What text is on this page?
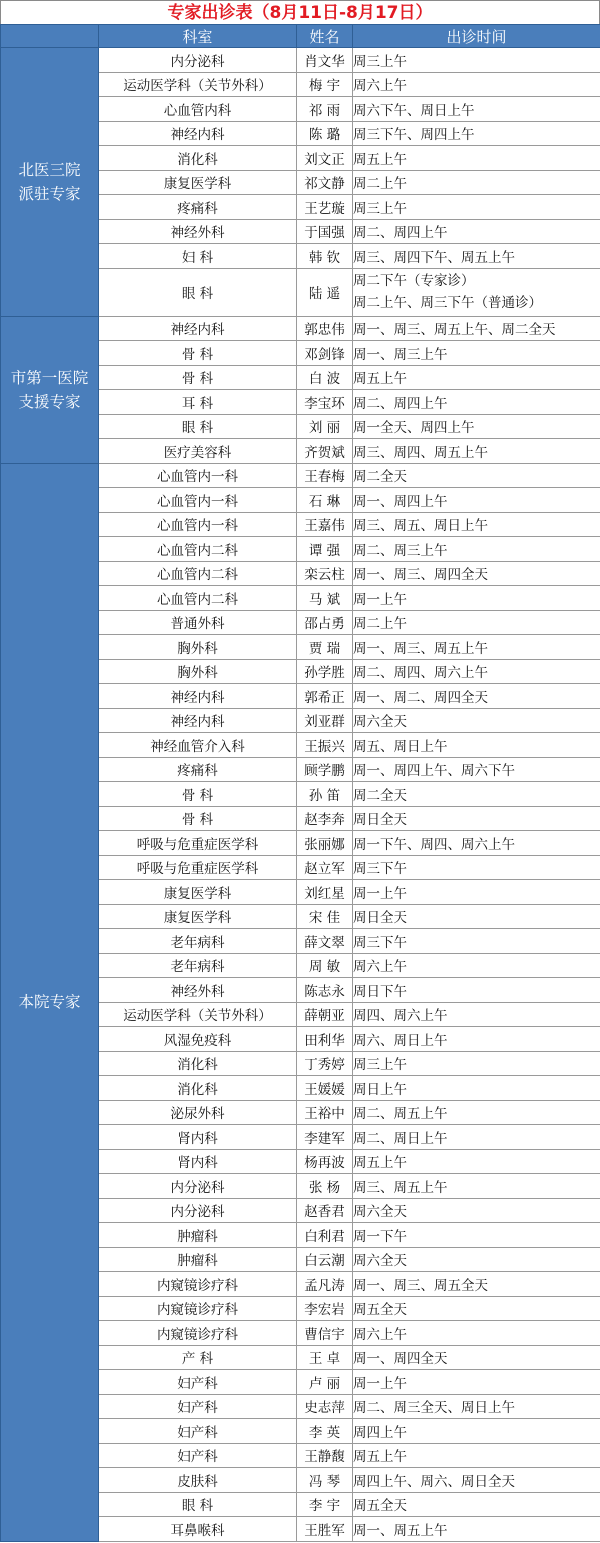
专家出诊表（8月11日-8月17日）
	科室	姓名	出诊时间

北医三院
派驻专家	内分泌科	肖文华	周三上午

	运动医学科（关节外科）	梅 宇	周六上午

	心血管内科	祁 雨	周六下午、周日上午

	神经内科	陈 璐	周三下午、周四上午

	消化科	刘文正	周五上午

	康复医学科	祁文静	周二上午

	疼痛科	王艺璇	周三上午

	神经外科	于国强	周二、周四上午

	妇 科	韩 钦	周三、周四下午、周五上午

	眼 科	陆 遥	周二下午（专家诊）
周二上午、周三下午（普通诊）

市第一医院
支援专家	神经内科	郭忠伟	周一、周三、周五上午、周二全天

	骨 科	邓剑锋	周一、周三上午

	骨 科	白 波	周五上午

	耳 科	李宝环	周二、周四上午

	眼 科	刘 丽	周一全天、周四上午

	医疗美容科	齐贺斌	周三、周四、周五上午

本院专家	心血管内一科	王春梅	周二全天

	心血管内一科	石 琳	周一、周四上午

	心血管内一科	王嘉伟	周三、周五、周日上午

	心血管内二科	谭 强	周二、周三上午

	心血管内二科	栾云柱	周一、周三、周四全天

	心血管内二科	马 斌	周一上午

	普通外科	邵占勇	周二上午

	胸外科	贾 瑞	周一、周三、周五上午

	胸外科	孙学胜	周二、周四、周六上午

	神经内科	郭希正	周一、周二、周四全天

	神经内科	刘亚群	周六全天

	神经血管介入科	王振兴	周五、周日上午

	疼痛科	顾学鹏	周一、周四上午、周六下午

	骨 科	孙 笛	周二全天

	骨 科	赵李奔	周日全天

	呼吸与危重症医学科	张丽娜	周一下午、周四、周六上午

	呼吸与危重症医学科	赵立军	周三下午

	康复医学科	刘红星	周一上午

	康复医学科	宋 佳	周日全天

	老年病科	薛文翠	周三下午

	老年病科	周 敏	周六上午

	神经外科	陈志永	周日下午

	运动医学科（关节外科）	薛朝亚	周四、周六上午

	风湿免疫科	田利华	周六、周日上午

	消化科	丁秀婷	周三上午

	消化科	王媛媛	周日上午

	泌尿外科	王裕中	周二、周五上午

	肾内科	李建军	周二、周日上午

	肾内科	杨再波	周五上午

	内分泌科	张 杨	周三、周五上午

	内分泌科	赵香君	周六全天

	肿瘤科	白利君	周一下午

	肿瘤科	白云潮	周六全天

	内窥镜诊疗科	孟凡涛	周一、周三、周五全天

	内窥镜诊疗科	李宏岩	周五全天

	内窥镜诊疗科	曹信宇	周六上午

	产 科	王 卓	周一、周四全天

	妇产科	卢 丽	周一上午

	妇产科	史志萍	周二、周三全天、周日上午

	妇产科	李 英	周四上午

	妇产科	王静馥	周五上午

	皮肤科	冯 琴	周四上午、周六、周日全天

	眼 科	李 宇	周五全天

	耳鼻喉科	王胜军	周一、周五上午
